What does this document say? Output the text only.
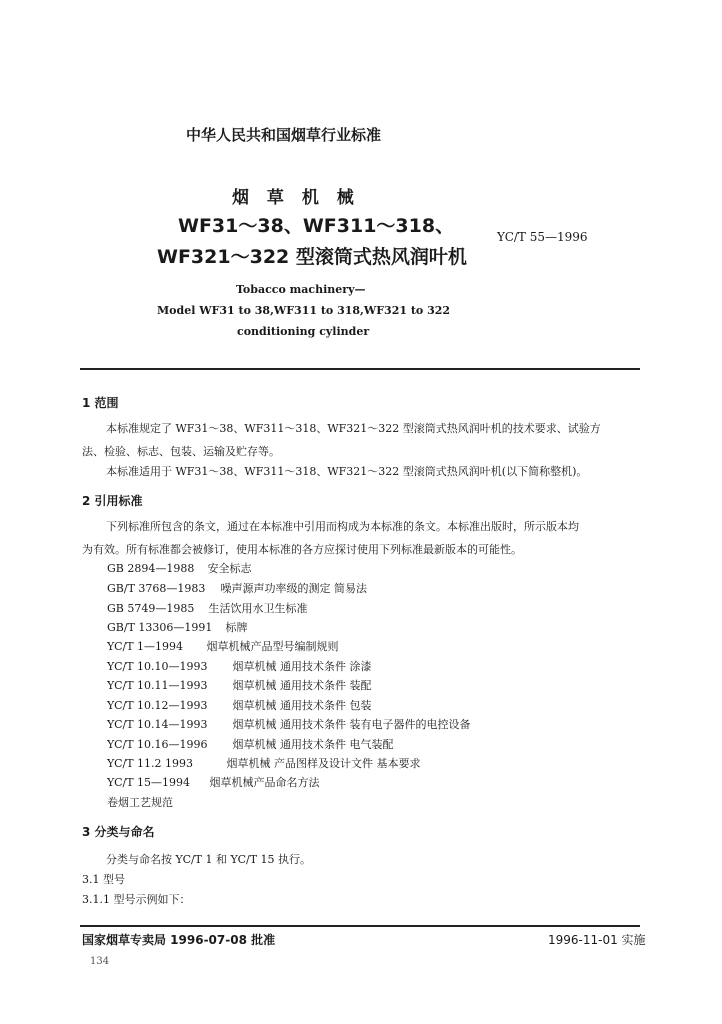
中华人民共和国烟草行业标准
烟 草 机 械
WF31～38、WF311～318、
WF321～322 型滚筒式热风润叶机
YC/T 55—1996
Tobacco machinery—
Model WF31 to 38,WF311 to 318,WF321 to 322
conditioning cylinder
1 范围
本标准规定了 WF31～38、WF311～318、WF321～322 型滚筒式热风润叶机的技术要求、试验方
法、检验、标志、包装、运输及贮存等。
本标准适用于 WF31～38、WF311～318、WF321～322 型滚筒式热风润叶机(以下简称整机)。
2 引用标准
下列标准所包含的条文，通过在本标准中引用而构成为本标准的条文。本标准出版时，所示版本均
为有效。所有标准都会被修订，使用本标准的各方应探讨使用下列标准最新版本的可能性。
GB 2894—1988 安全标志
GB/T 3768—1983 噪声源声功率级的测定 简易法
GB 5749—1985 生活饮用水卫生标准
GB/T 13306—1991 标牌
YC/T 1—1994 烟草机械产品型号编制规则
YC/T 10.10—1993 烟草机械 通用技术条件 涂漆
YC/T 10.11—1993 烟草机械 通用技术条件 装配
YC/T 10.12—1993 烟草机械 通用技术条件 包装
YC/T 10.14—1993 烟草机械 通用技术条件 装有电子器件的电控设备
YC/T 10.16—1996 烟草机械 通用技术条件 电气装配
YC/T 11.2 1993	烟草机械 产品图样及设计文件 基本要求
YC/T 15—1994 烟草机械产品命名方法
卷烟工艺规范
3 分类与命名
分类与命名按 YC/T 1 和 YC/T 15 执行。
3.1 型号
3.1.1 型号示例如下：
国家烟草专卖局 1996-07-08 批准	1996-11-01 实施
134
